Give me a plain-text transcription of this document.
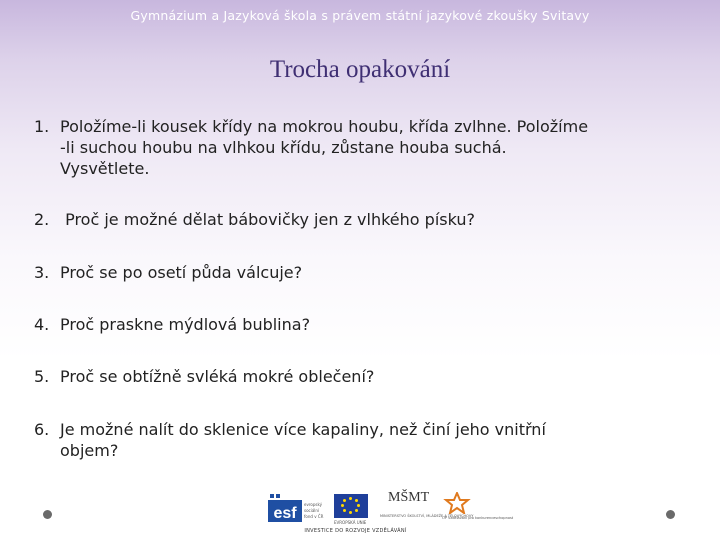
Gymnázium a Jazyková škola s právem státní jazykové zkoušky Svitavy
Trocha opakování
1. Položíme-li kousek křídy na mokrou houbu, křída zvlhne. Položíme
-li suchou houbu na vlhkou křídu, zůstane houba suchá.
Vysvětlete.
2. Proč je možné dělat bábovičky jen z vlhkého písku?
3. Proč se po osetí půda válcuje?
4. Proč praskne mýdlová bublina?
5. Proč se obtížně svléká mokré oblečení?
6. Je možné nalít do sklenice více kapaliny, než činí jeho vnitřní
objem?
esf
evropský
sociální
fond v ČR
EVROPSKÁ UNIE
MŠMT
MINISTERSTVO ŠKOLSTVÍ, MLÁDEŽE A TĚLOVÝCHOVY
OP Vzdělávání pro konkurenceschopnost
INVESTICE DO ROZVOJE VZDĚLÁVÁNÍ
